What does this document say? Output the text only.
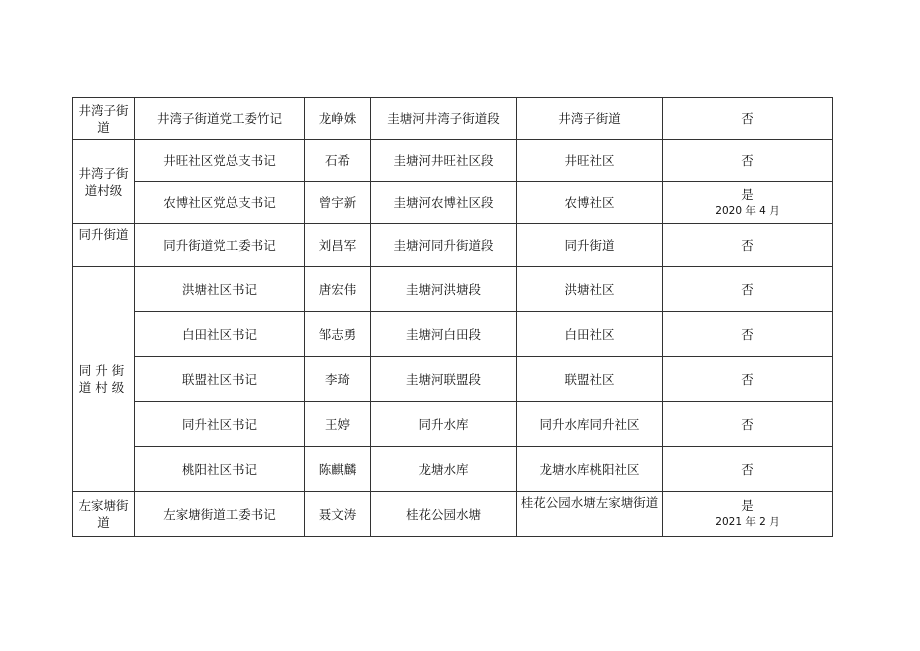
井湾子街道	井湾子街道党工委竹记	龙峥姝	圭塘河井湾子街道段	井湾子街道	否
井湾子街道村级	井旺社区党总支书记	石希	圭塘河井旺社区段	井旺社区	否
	农博社区党总支书记	曾宇新	圭塘河农博社区段	农博社区	是
2020 年 4 月

同升街道	同升街道党工委书记	刘昌军	圭塘河同升街道段	同升街道	否
同升街道村级	洪塘社区书记	唐宏伟	圭塘河洪塘段	洪塘社区	否
	白田社区书记	邹志勇	圭塘河白田段	白田社区	否
	联盟社区书记	李琦	圭塘河联盟段	联盟社区	否
	同升社区书记	王婷	同升水库	同升水库同升社区	否
	桃阳社区书记	陈麒麟	龙塘水库	龙塘水库桃阳社区	否
左家塘街道	左家塘街道工委书记	聂文涛	桂花公园水塘	桂花公园水塘左家塘街道	是
2021 年 2 月
